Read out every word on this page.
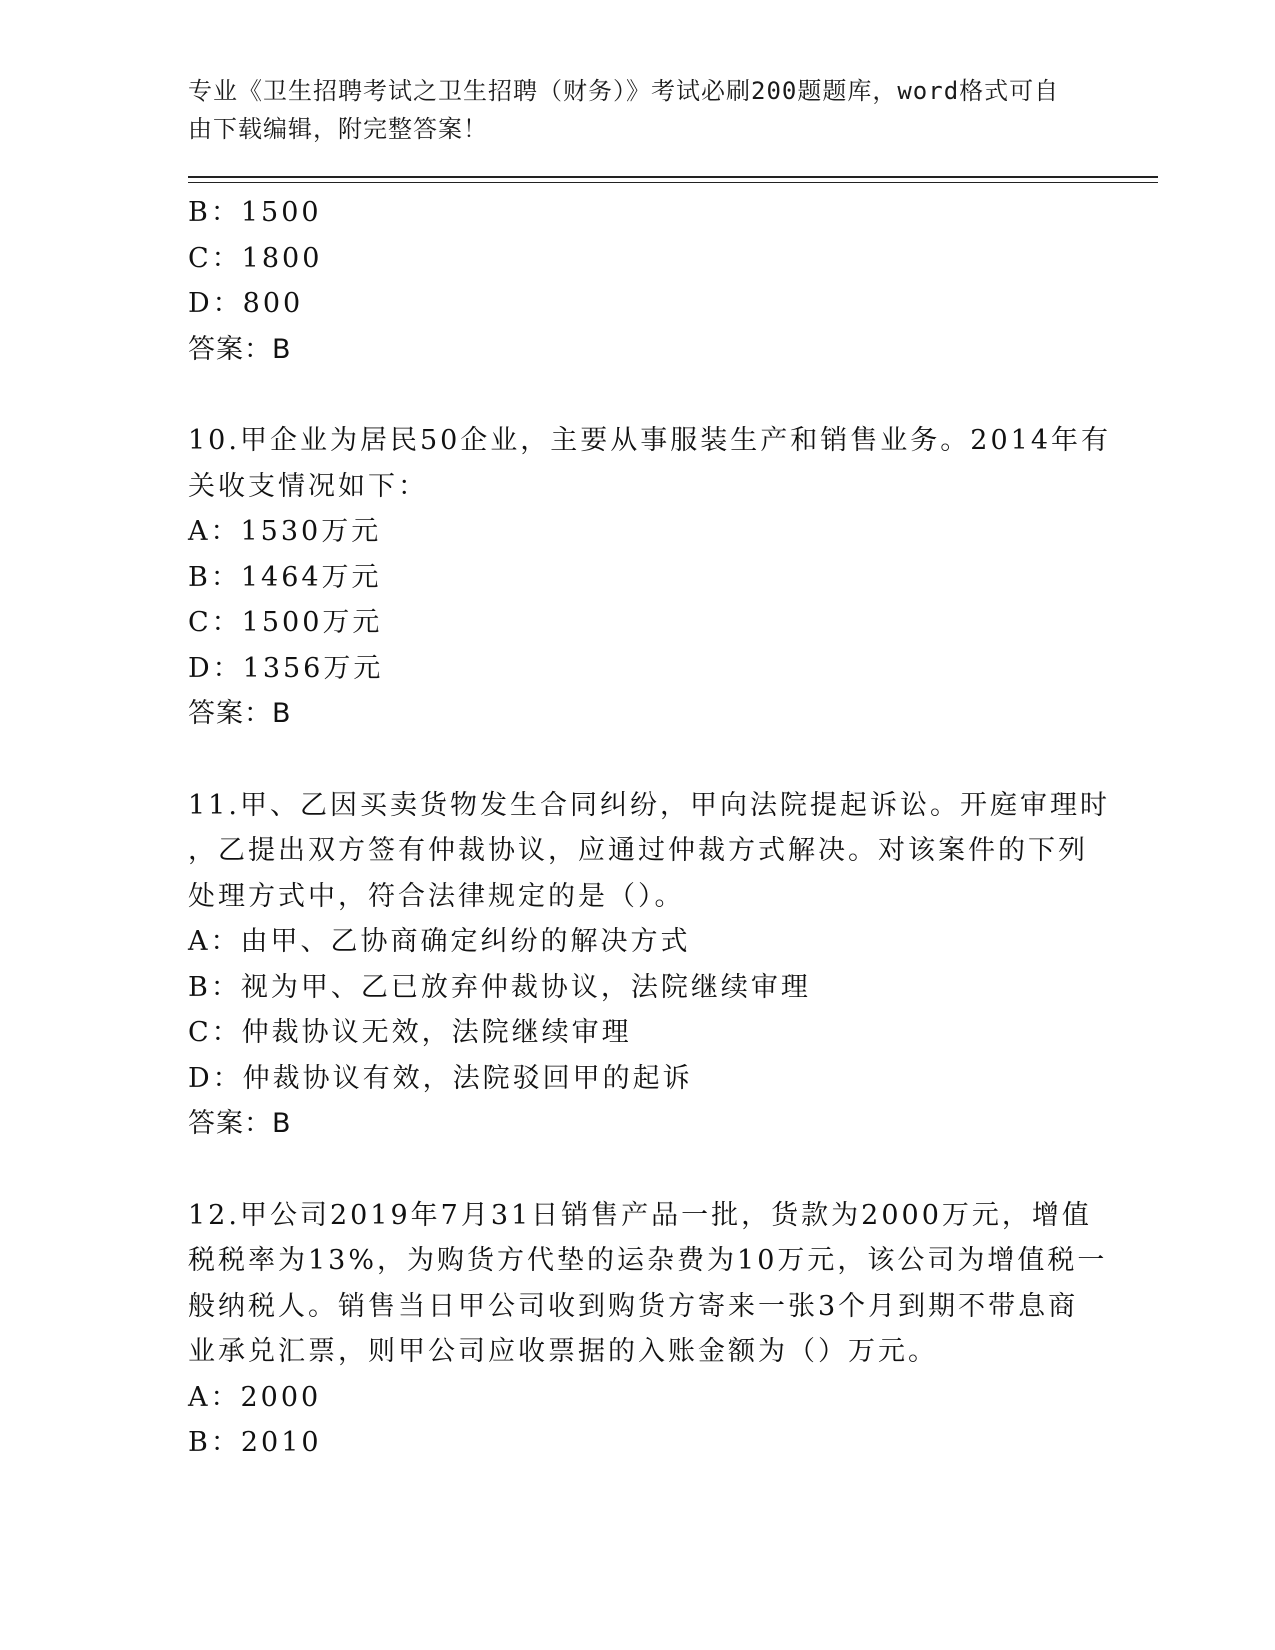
专业《卫生招聘考试之卫生招聘（财务）》考试必刷200题题库，word格式可自
由下载编辑，附完整答案！
B：1500
C：1800
D：800
答案：B
10.甲企业为居民50企业，主要从事服装生产和销售业务。2014年有
关收支情况如下：
A：1530万元
B：1464万元
C：1500万元
D：1356万元
答案：B
11.甲、乙因买卖货物发生合同纠纷，甲向法院提起诉讼。开庭审理时
，乙提出双方签有仲裁协议，应通过仲裁方式解决。对该案件的下列
处理方式中，符合法律规定的是（）。
A：由甲、乙协商确定纠纷的解决方式
B：视为甲、乙已放弃仲裁协议，法院继续审理
C：仲裁协议无效，法院继续审理
D：仲裁协议有效，法院驳回甲的起诉
答案：B
12.甲公司2019年7月31日销售产品一批，货款为2000万元，增值
税税率为13%，为购货方代垫的运杂费为10万元，该公司为增值税一
般纳税人。销售当日甲公司收到购货方寄来一张3个月到期不带息商
业承兑汇票，则甲公司应收票据的入账金额为（）万元。
A：2000
B：2010
